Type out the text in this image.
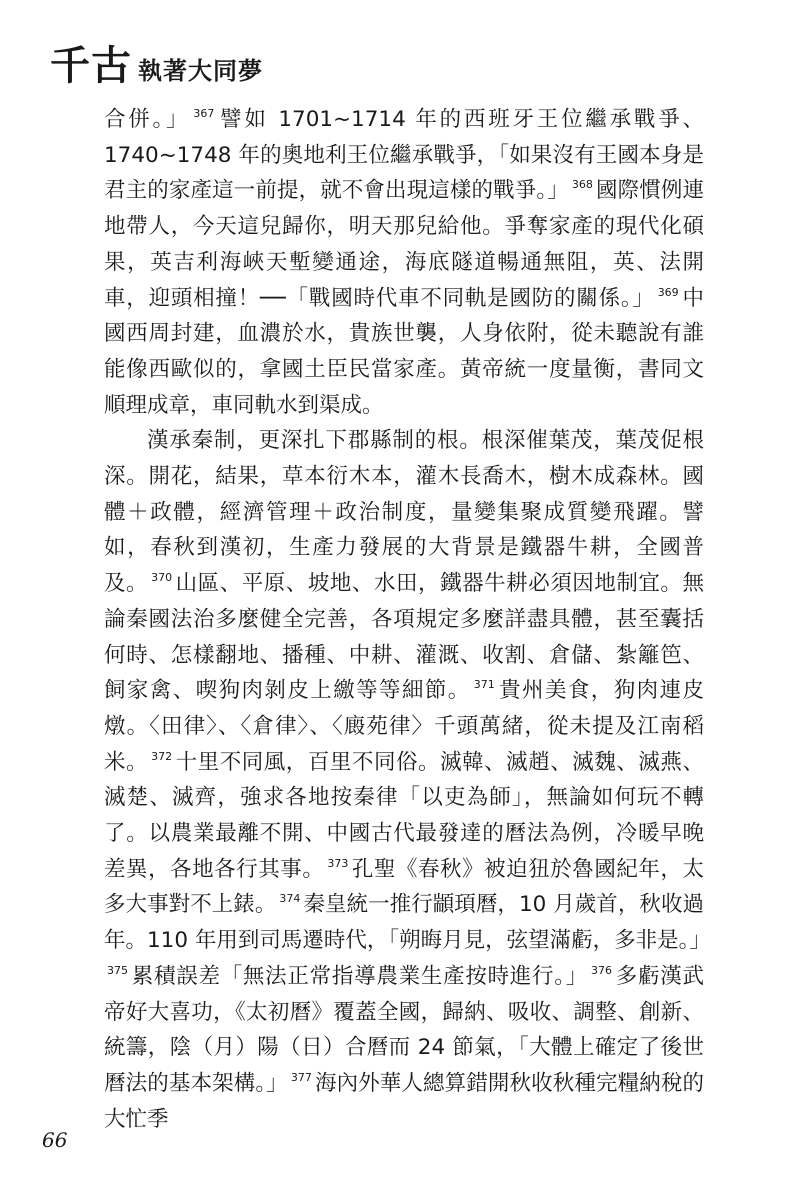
千古 執著大同夢

合併。」 $^{367}$ 譬如 1701~1714 年的西班牙王位繼承戰爭、1740~1748 年的奧地利王位繼承戰爭，「如果沒有王國本身是君主的家產這一前提，就不會出現這樣的戰爭。」 $^{368}$ 國際慣例連地帶人，今天這兒歸你，明天那兒給他。爭奪家產的現代化碩果，英吉利海峽天塹變通途，海底隧道暢通無阻，英、法開車，迎頭相撞！──「戰國時代車不同軌是國防的關係。」 $^{369}$ 中國西周封建，血濃於水，貴族世襲，人身依附，從未聽說有誰能像西歐似的，拿國土臣民當家產。黃帝統一度量衡，書同文順理成章，車同軌水到渠成。

漢承秦制，更深扎下郡縣制的根。根深催葉茂，葉茂促根深。開花，結果，草本衍木本，灌木長喬木，樹木成森林。國體＋政體，經濟管理＋政治制度，量變集聚成質變飛躍。譬如，春秋到漢初，生產力發展的大背景是鐵器牛耕，全國普及。 $^{370}$ 山區、平原、坡地、水田，鐵器牛耕必須因地制宜。無論秦國法治多麼健全完善，各項規定多麼詳盡具體，甚至囊括何時、怎樣翻地、播種、中耕、灌溉、收割、倉儲、紮籬笆、飼家禽、喫狗肉剝皮上繳等等細節。 $^{371}$ 貴州美食，狗肉連皮燉。〈田律〉、〈倉律〉、〈廄苑律〉千頭萬緒，從未提及江南稻米。 $^{372}$ 十里不同風，百里不同俗。滅韓、滅趙、滅魏、滅燕、滅楚、滅齊，強求各地按秦律「以吏為師」，無論如何玩不轉了。以農業最離不開、中國古代最發達的曆法為例，冷暖早晚差異，各地各行其事。 $^{373}$ 孔聖《春秋》被迫狃於魯國紀年，太多大事對不上錶。 $^{374}$ 秦皇統一推行顓頊曆，10 月歲首，秋收過年。110 年用到司馬遷時代，「朔晦月見，弦望滿虧，多非是。」$^{375}$ 累積誤差「無法正常指導農業生產按時進行。」 $^{376}$ 多虧漢武帝好大喜功，《太初曆》覆蓋全國，歸納、吸收、調整、創新、統籌，陰（月）陽（日）合曆而 24 節氣，「大體上確定了後世曆法的基本架構。」 $^{377}$ 海內外華人總算錯開秋收秋種完糧納稅的大忙季

66
